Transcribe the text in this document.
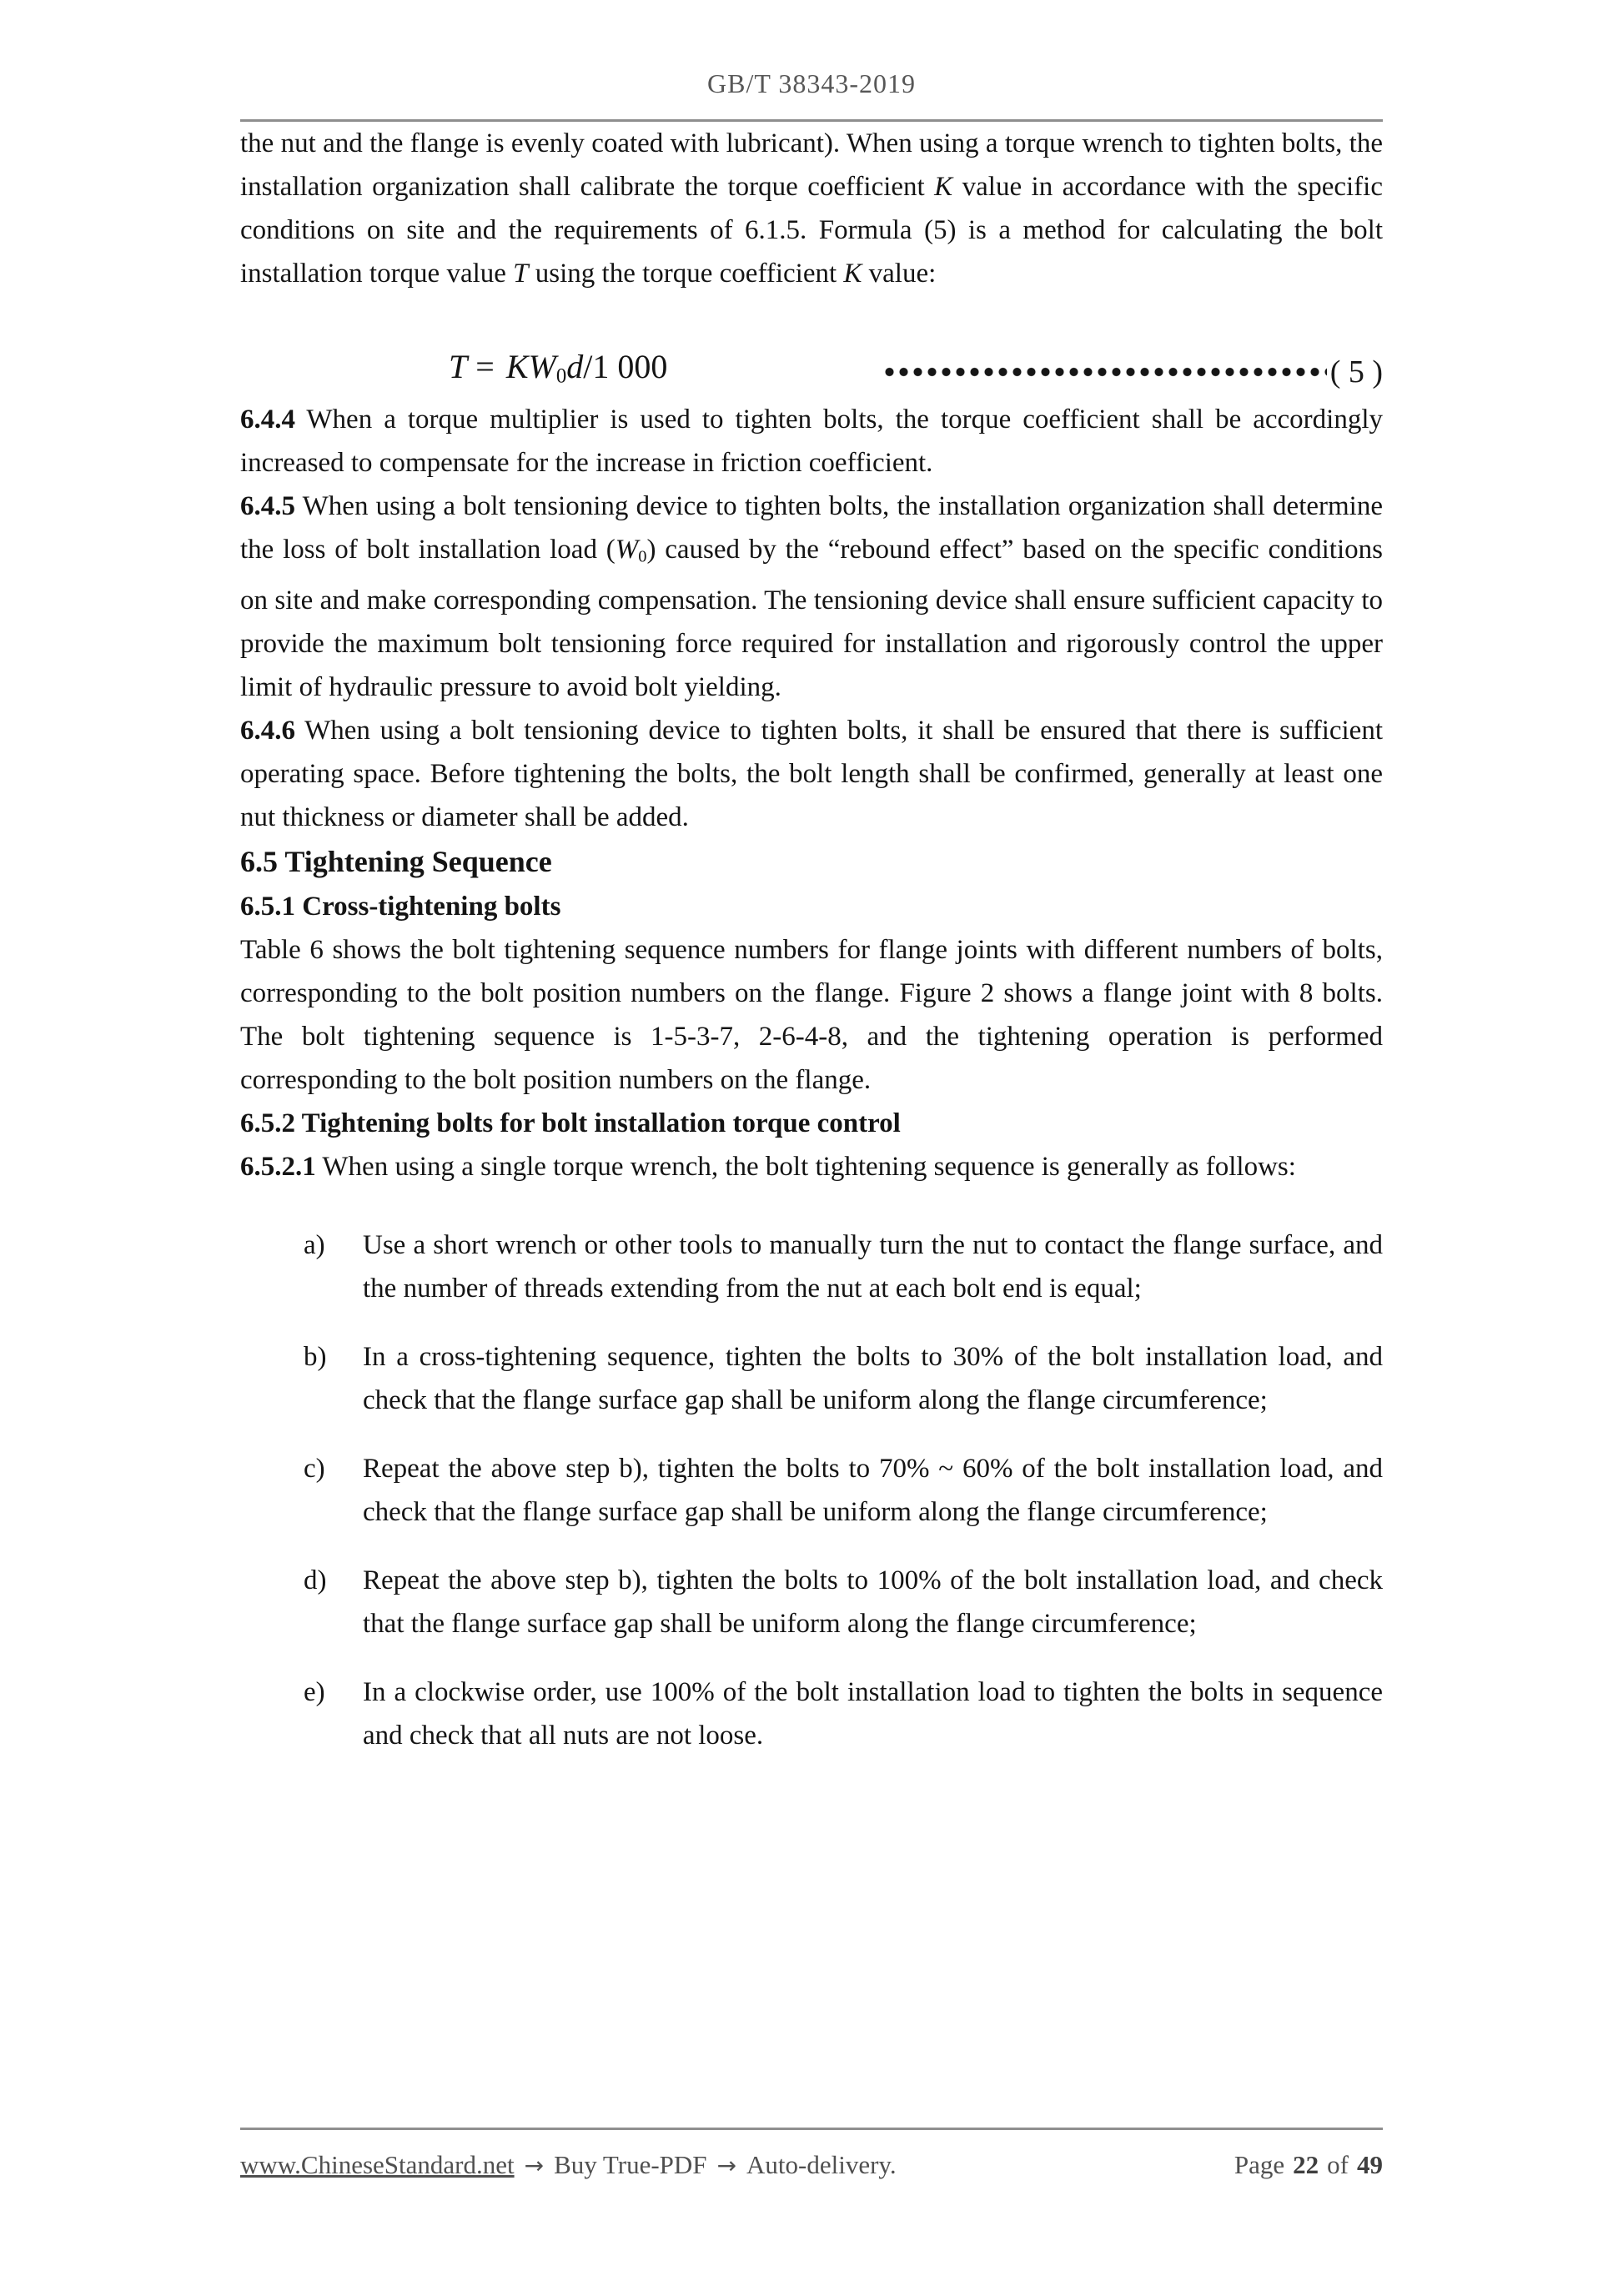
GB/T 38343-2019

the nut and the flange is evenly coated with lubricant). When using a torque wrench to tighten bolts, the installation organization shall calibrate the torque coefficient K value in accordance with the specific conditions on site and the requirements of 6.1.5. Formula (5) is a method for calculating the bolt installation torque value T using the torque coefficient K value:

$T = KW_0d/1$ 000	( 5 )

6.4.4 When a torque multiplier is used to tighten bolts, the torque coefficient shall be accordingly increased to compensate for the increase in friction coefficient.

6.4.5 When using a bolt tensioning device to tighten bolts, the installation organization shall determine the loss of bolt installation load $(W_0)$ caused by the “rebound effect” based on the specific conditions on site and make corresponding compensation. The tensioning device shall ensure sufficient capacity to provide the maximum bolt tensioning force required for installation and rigorously control the upper limit of hydraulic pressure to avoid bolt yielding.

6.4.6 When using a bolt tensioning device to tighten bolts, it shall be ensured that there is sufficient operating space. Before tightening the bolts, the bolt length shall be confirmed, generally at least one nut thickness or diameter shall be added.

6.5 Tightening Sequence

6.5.1 Cross-tightening bolts

Table 6 shows the bolt tightening sequence numbers for flange joints with different numbers of bolts, corresponding to the bolt position numbers on the flange. Figure 2 shows a flange joint with 8 bolts. The bolt tightening sequence is 1-5-3-7, 2-6-4-8, and the tightening operation is performed corresponding to the bolt position numbers on the flange.

6.5.2 Tightening bolts for bolt installation torque control

6.5.2.1 When using a single torque wrench, the bolt tightening sequence is generally as follows:

a)	Use a short wrench or other tools to manually turn the nut to contact the flange surface, and the number of threads extending from the nut at each bolt end is equal;
b)	In a cross-tightening sequence, tighten the bolts to 30% of the bolt installation load, and check that the flange surface gap shall be uniform along the flange circumference;
c)	Repeat the above step b), tighten the bolts to 70% ~ 60% of the bolt installation load, and check that the flange surface gap shall be uniform along the flange circumference;
d)	Repeat the above step b), tighten the bolts to 100% of the bolt installation load, and check that the flange surface gap shall be uniform along the flange circumference;
e)	In a clockwise order, use 100% of the bolt installation load to tighten the bolts in sequence and check that all nuts are not loose.
www.ChineseStandard.net → Buy True-PDF → Auto-delivery.	Page 22 of 49
